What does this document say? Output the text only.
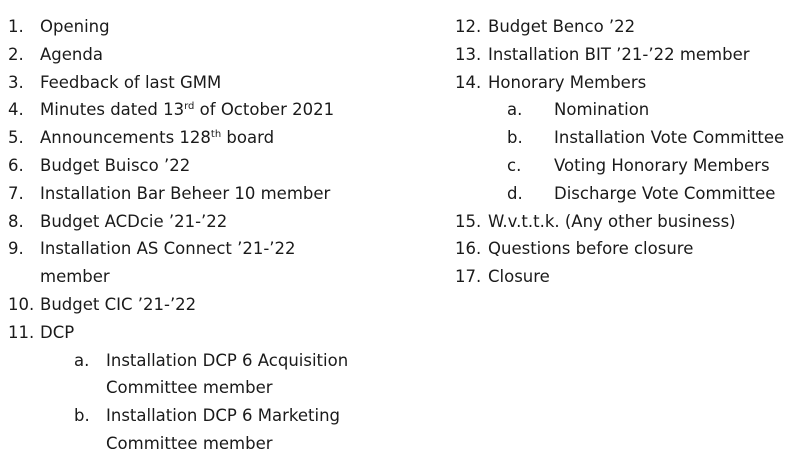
1. Opening
2. Agenda
3. Feedback of last GMM
4. Minutes dated 13rd of October 2021
5. Announcements 128th board
6. Budget Buisco ’22
7. Installation Bar Beheer 10 member
8. Budget ACDcie ’21-’22
9. Installation AS Connect ’21-’22
member
10. Budget CIC ’21-’22
11. DCP
a.	Installation DCP 6 Acquisition
Committee member
b. Installation DCP 6 Marketing
Committee member
12. Budget Benco ’22
13. Installation BIT ’21-’22 member
14. Honorary Members
a.	Nomination
b.	Installation Vote Committee
c.	Voting Honorary Members
d.	Discharge Vote Committee
15. W.v.t.t.k. (Any other business)
16. Questions before closure
17. Closure
